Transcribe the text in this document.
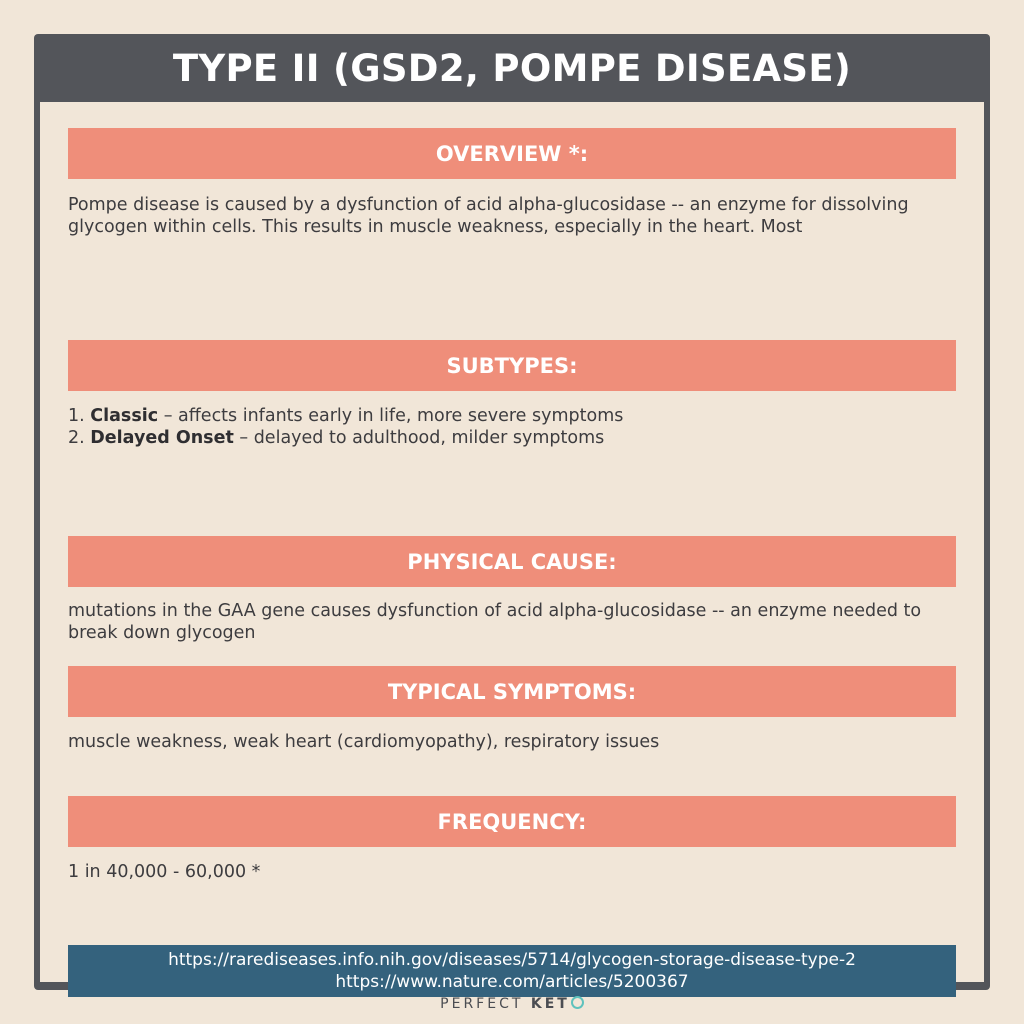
TYPE II (GSD2, POMPE DISEASE)
OVERVIEW *:
Pompe disease is caused by a dysfunction of acid alpha-glucosidase -- an enzyme for dissolving glycogen within cells. This results in muscle weakness, especially in the heart. Most
SUBTYPES:
1. Classic – affects infants early in life, more severe symptoms
2. Delayed Onset – delayed to adulthood, milder symptoms
PHYSICAL CAUSE:
mutations in the GAA gene causes dysfunction of acid alpha-glucosidase -- an enzyme needed to break down glycogen
TYPICAL SYMPTOMS:
muscle weakness, weak heart (cardiomyopathy), respiratory issues
FREQUENCY:
1 in 40,000 - 60,000 *
https://rarediseases.info.nih.gov/diseases/5714/glycogen-storage-disease-type-2
https://www.nature.com/articles/5200367
PERFECT KET
